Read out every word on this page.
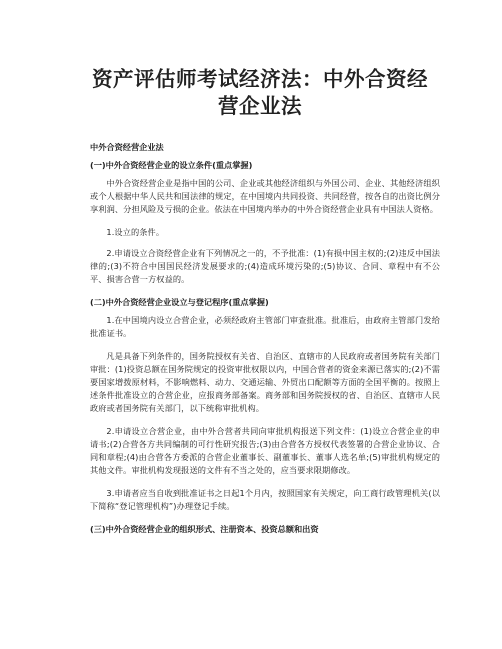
资产评估师考试经济法：中外合资经
营企业法
中外合资经营企业法
(一)中外合资经营企业的设立条件(重点掌握)
中外合资经营企业是指中国的公司、企业或其他经济组织与外国公司、企业、其他经济组织或个人根据中华人民共和国法律的规定，在中国境内共同投资、共同经营，按各自的出资比例分享利润、分担风险及亏损的企业。依法在中国境内举办的中外合资经营企业具有中国法人资格。
1.设立的条件。
2.申请设立合资经营企业有下列情况之一的，不予批准：(1)有损中国主权的;(2)违反中国法律的;(3)不符合中国国民经济发展要求的;(4)造成环境污染的;(5)协议、合同、章程中有不公平、损害合营一方权益的。
(二)中外合资经营企业设立与登记程序(重点掌握)
1.在中国境内设立合营企业，必须经政府主管部门审查批准。批准后，由政府主管部门发给批准证书。
凡是具备下列条件的，国务院授权有关省、自治区、直辖市的人民政府或者国务院有关部门审批：(1)投资总额在国务院规定的投资审批权限以内，中国合营者的资金来源已落实的;(2)不需要国家增拨原材料，不影响燃料、动力、交通运输、外贸出口配额等方面的全国平衡的。按照上述条件批准设立的合营企业，应报商务部备案。商务部和国务院授权的省、自治区、直辖市人民政府或者国务院有关部门，以下统称审批机构。
2.申请设立合营企业，由中外合营者共同向审批机构报送下列文件：(1)设立合营企业的申请书;(2)合营各方共同编制的可行性研究报告;(3)由合营各方授权代表签署的合营企业协议、合同和章程;(4)由合营各方委派的合营企业董事长、副董事长、董事人选名单;(5)审批机构规定的其他文件。审批机构发现报送的文件有不当之处的，应当要求限期修改。
3.申请者应当自收到批准证书之日起1个月内，按照国家有关规定，向工商行政管理机关(以下简称“登记管理机构”)办理登记手续。
(三)中外合资经营企业的组织形式、注册资本、投资总额和出资
